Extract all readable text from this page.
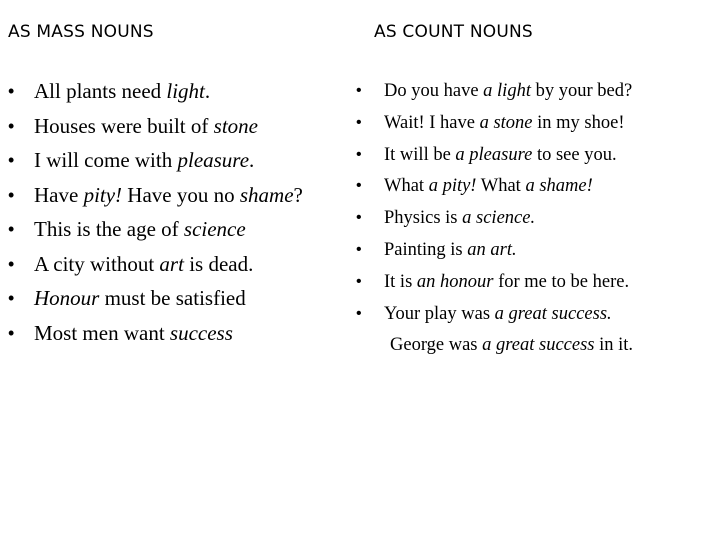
AS MASS NOUNS	AS COUNT NOUNS
• All plants need light.
• Houses were built of stone
• I will come with pleasure.
• Have pity! Have you no shame?
• This is the age of science
• A city without art is dead.
• Honour must be satisfied
• Most men want success
• Do you have a light by your bed?
• Wait! I have a stone in my shoe!
• It will be a pleasure to see you.
• What a pity! What a shame!
• Physics is a science.
• Painting is an art.
• It is an honour for me to be here.
• Your play was a great success.
George was a great success in it.
